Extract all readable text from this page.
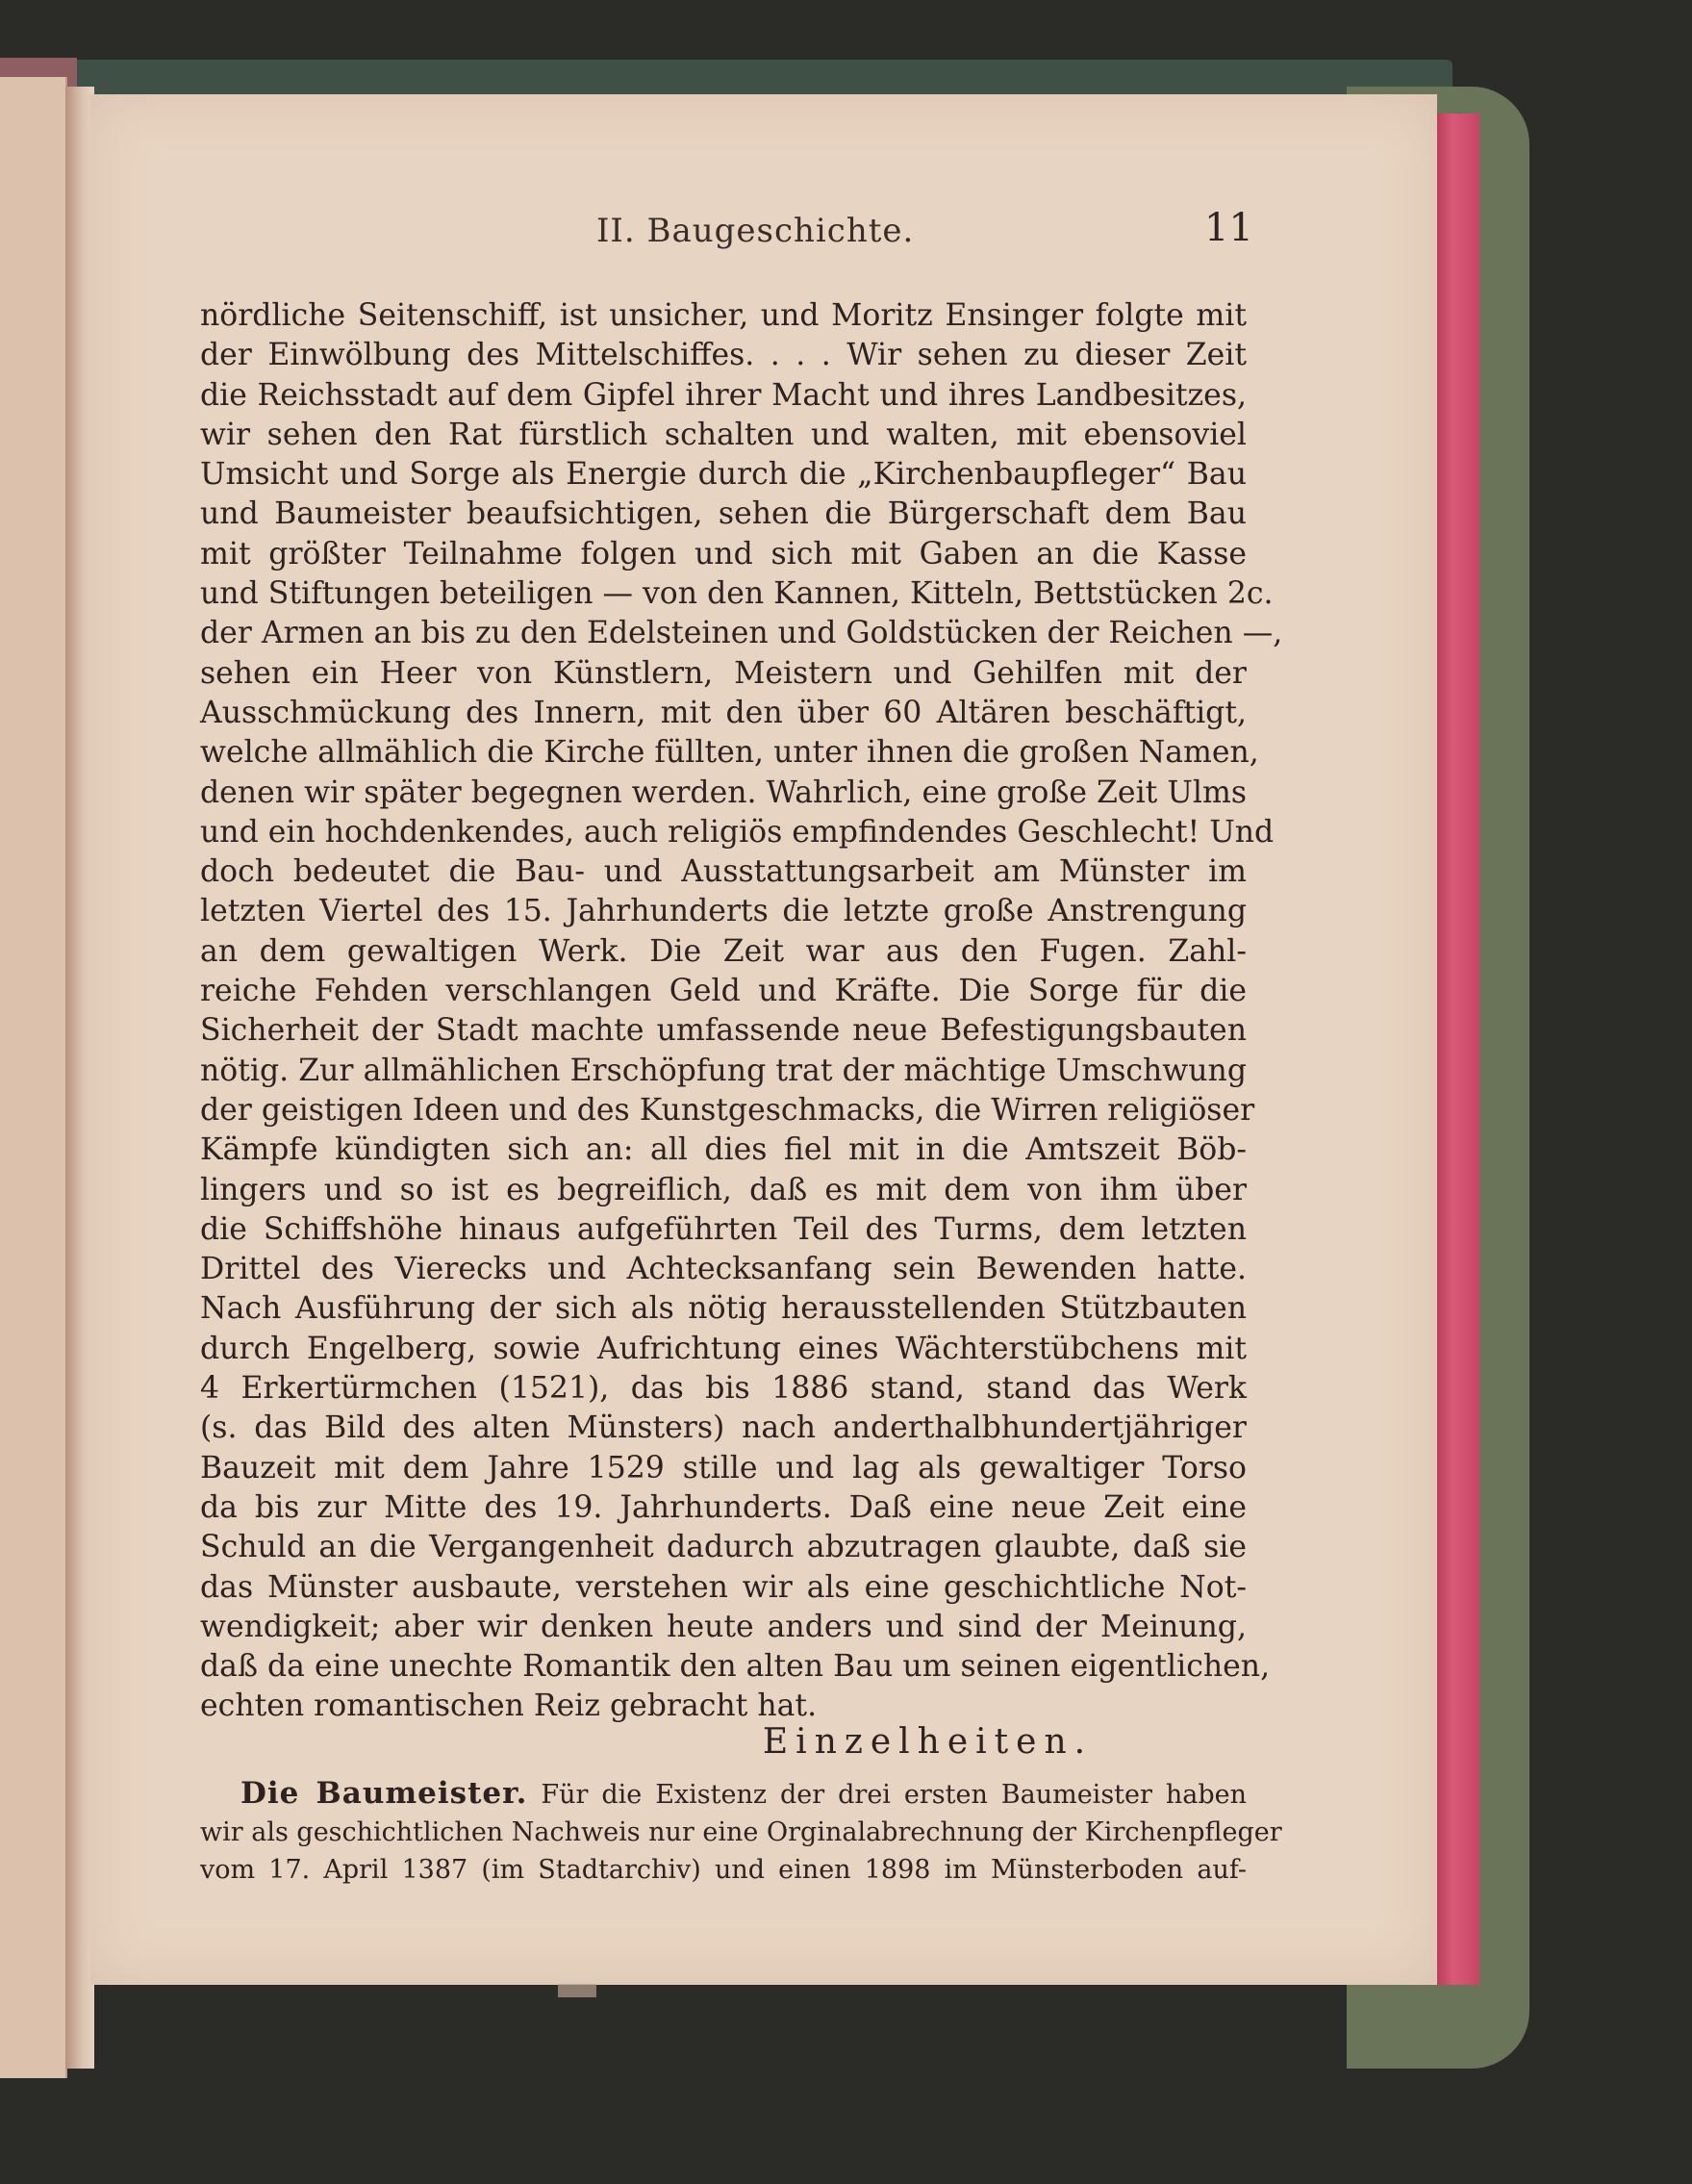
II. Baugeschichte.	11
nördliche Seitenschiff, ist unsicher, und Moritz Ensinger folgte mit
der Einwölbung des Mittelschiffes. . . . Wir sehen zu dieser Zeit
die Reichsstadt auf dem Gipfel ihrer Macht und ihres Landbesitzes,
wir sehen den Rat fürstlich schalten und walten, mit ebensoviel
Umsicht und Sorge als Energie durch die „Kirchenbaupfleger“ Bau
und Baumeister beaufsichtigen, sehen die Bürgerschaft dem Bau
mit größter Teilnahme folgen und sich mit Gaben an die Kasse
und Stiftungen beteiligen — von den Kannen, Kitteln, Bettstücken 2c.
der Armen an bis zu den Edelsteinen und Goldstücken der Reichen —,
sehen ein Heer von Künstlern, Meistern und Gehilfen mit der
Ausschmückung des Innern, mit den über 60 Altären beschäftigt,
welche allmählich die Kirche füllten, unter ihnen die großen Namen,
denen wir später begegnen werden. Wahrlich, eine große Zeit Ulms
und ein hochdenkendes, auch religiös empfindendes Geschlecht! Und
doch bedeutet die Bau- und Ausstattungsarbeit am Münster im
letzten Viertel des 15. Jahrhunderts die letzte große Anstrengung
an dem gewaltigen Werk. Die Zeit war aus den Fugen. Zahl-
reiche Fehden verschlangen Geld und Kräfte. Die Sorge für die
Sicherheit der Stadt machte umfassende neue Befestigungsbauten
nötig. Zur allmählichen Erschöpfung trat der mächtige Umschwung
der geistigen Ideen und des Kunstgeschmacks, die Wirren religiöser
Kämpfe kündigten sich an: all dies fiel mit in die Amtszeit Böb-
lingers und so ist es begreiflich, daß es mit dem von ihm über
die Schiffshöhe hinaus aufgeführten Teil des Turms, dem letzten
Drittel des Vierecks und Achtecksanfang sein Bewenden hatte.
Nach Ausführung der sich als nötig herausstellenden Stützbauten
durch Engelberg, sowie Aufrichtung eines Wächterstübchens mit
4 Erkertürmchen (1521), das bis 1886 stand, stand das Werk
(s. das Bild des alten Münsters) nach anderthalbhundertjähriger
Bauzeit mit dem Jahre 1529 stille und lag als gewaltiger Torso
da bis zur Mitte des 19. Jahrhunderts. Daß eine neue Zeit eine
Schuld an die Vergangenheit dadurch abzutragen glaubte, daß sie
das Münster ausbaute, verstehen wir als eine geschichtliche Not-
wendigkeit; aber wir denken heute anders und sind der Meinung,
daß da eine unechte Romantik den alten Bau um seinen eigentlichen,
echten romantischen Reiz gebracht hat.
Einzelheiten.
Die Baumeister. Für die Existenz der drei ersten Baumeister haben
wir als geschichtlichen Nachweis nur eine Orginalabrechnung der Kirchenpfleger
vom 17. April 1387 (im Stadtarchiv) und einen 1898 im Münsterboden auf-
